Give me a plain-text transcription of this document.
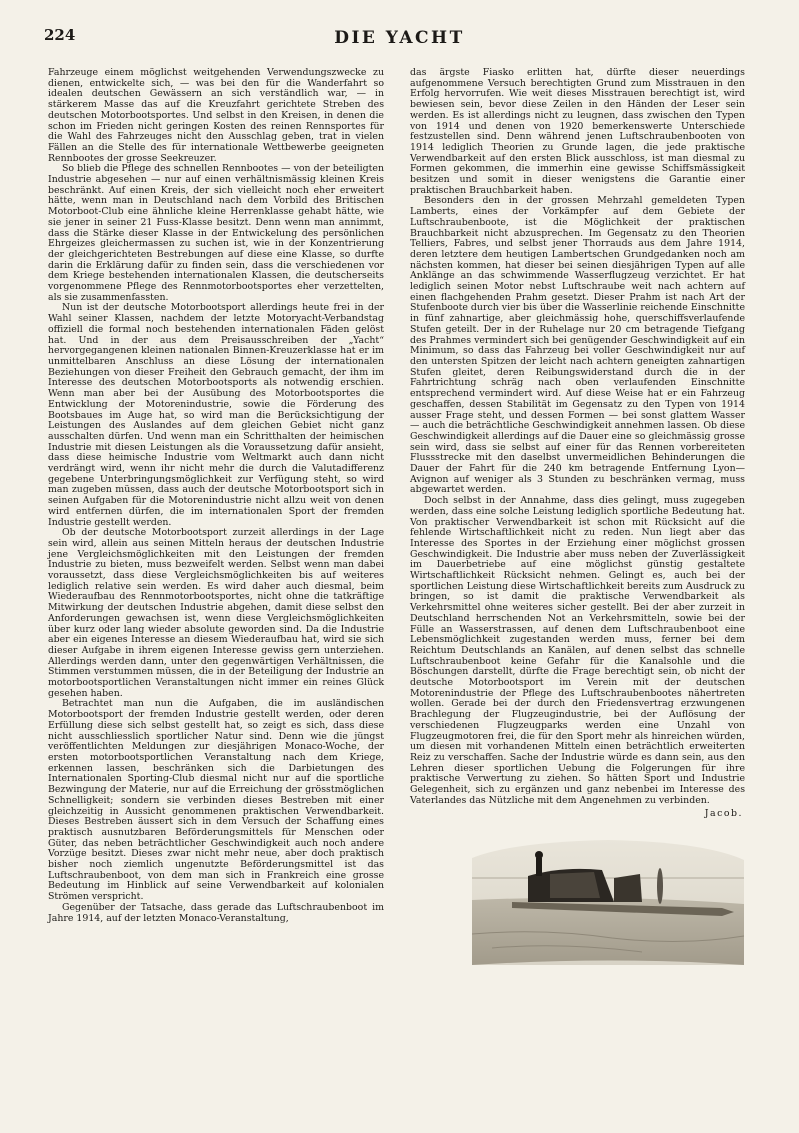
224	DIE YACHT

Fahrzeuge einem möglichst weitgehenden Verwendungszwecke zu dienen, entwickelte sich, — was bei den für die Wanderfahrt so idealen deutschen Gewässern an sich verständlich war, — in stärkerem Masse das auf die Kreuzfahrt gerichtete Streben des deutschen Motorbootsportes. Und selbst in den Kreisen, in denen die schon im Frieden nicht geringen Kosten des reinen Rennsportes für die Wahl des Fahrzeuges nicht den Ausschlag geben, trat in vielen Fällen an die Stelle des für internationale Wettbewerbe geeigneten Rennbootes der grosse Seekreuzer.

So blieb die Pflege des schnellen Rennbootes — von der beteiligten Industrie abgesehen — nur auf einen verhältnismässig kleinen Kreis beschränkt. Auf einen Kreis, der sich vielleicht noch eher erweitert hätte, wenn man in Deutschland nach dem Vorbild des Britischen Motorboot-Club eine ähnliche kleine Herrenklasse gehabt hätte, wie sie jener in seiner 21 Fuss-Klasse besitzt. Denn wenn man annimmt, dass die Stärke dieser Klasse in der Entwickelung des persönlichen Ehrgeizes gleichermassen zu suchen ist, wie in der Konzentrierung der gleichgerichteten Bestrebungen auf diese eine Klasse, so durfte darin die Erklärung dafür zu finden sein, dass die verschiedenen vor dem Kriege bestehenden internationalen Klassen, die deutscherseits vorgenommene Pflege des Rennmotorbootsportes eher verzettelten, als sie zusammenfassten.

Nun ist der deutsche Motorbootsport allerdings heute frei in der Wahl seiner Klassen, nachdem der letzte Motoryacht-Verbandstag offiziell die formal noch bestehenden internationalen Fäden gelöst hat. Und in der aus dem Preisausschreiben der „Yacht“ hervorgegangenen kleinen nationalen Binnen-Kreuzerklasse hat er im unmittelbaren Anschluss an diese Lösung der internationalen Beziehungen von dieser Freiheit den Gebrauch gemacht, der ihm im Interesse des deutschen Motorbootsports als notwendig erschien. Wenn man aber bei der Ausübung des Motorbootsportes die Entwicklung der Motorenindustrie, sowie die Förderung des Bootsbaues im Auge hat, so wird man die Berücksichtigung der Leistungen des Auslandes auf dem gleichen Gebiet nicht ganz ausschalten dürfen. Und wenn man ein Schritthalten der heimischen Industrie mit diesen Leistungen als die Voraussetzung dafür ansieht, dass diese heimische Industrie vom Weltmarkt auch dann nicht verdrängt wird, wenn ihr nicht mehr die durch die Valutadifferenz gegebene Unterbringungsmöglichkeit zur Verfügung steht, so wird man zugeben müssen, dass auch der deutsche Motorbootsport sich in seinen Aufgaben für die Motorenindustrie nicht allzu weit von denen wird entfernen dürfen, die im internationalen Sport der fremden Industrie gestellt werden.

Ob der deutsche Motorbootsport zurzeit allerdings in der Lage sein wird, allein aus seinen Mitteln heraus der deutschen Industrie jene Vergleichsmöglichkeiten mit den Leistungen der fremden Industrie zu bieten, muss bezweifelt werden. Selbst wenn man dabei voraussetzt, dass diese Vergleichsmöglichkeiten bis auf weiteres lediglich relative sein werden. Es wird daher auch diesmal, beim Wiederaufbau des Rennmotorbootsportes, nicht ohne die tatkräftige Mitwirkung der deutschen Industrie abgehen, damit diese selbst den Anforderungen gewachsen ist, wenn diese Vergleichsmöglichkeiten über kurz oder lang wieder absolute geworden sind. Da die Industrie aber ein eigenes Interesse an diesem Wiederaufbau hat, wird sie sich dieser Aufgabe in ihrem eigenen Interesse gewiss gern unterziehen. Allerdings werden dann, unter den gegenwärtigen Verhältnissen, die Stimmen verstummen müssen, die in der Beteiligung der Industrie an motorbootsportlichen Veranstaltungen nicht immer ein reines Glück gesehen haben.

Betrachtet man nun die Aufgaben, die im ausländischen Motorbootsport der fremden Industrie gestellt werden, oder deren Erfüllung diese sich selbst gestellt hat, so zeigt es sich, dass diese nicht ausschliesslich sportlicher Natur sind. Denn wie die jüngst veröffentlichten Meldungen zur diesjährigen Monaco-Woche, der ersten motorbootsportlichen Veranstaltung nach dem Kriege, erkennen lassen, beschränken sich die Darbietungen des Internationalen Sporting-Club diesmal nicht nur auf die sportliche Bezwingung der Materie, nur auf die Erreichung der grösstmöglichen Schnelligkeit; sondern sie verbinden dieses Bestreben mit einer gleichzeitig in Aussicht genommenen praktischen Verwendbarkeit. Dieses Bestreben äussert sich in dem Versuch der Schaffung eines praktisch ausnutzbaren Beförderungsmittels für Menschen oder Güter, das neben beträchtlicher Geschwindigkeit auch noch andere Vorzüge besitzt. Dieses zwar nicht mehr neue, aber doch praktisch bisher noch ziemlich ungenutzte Beförderungsmittel ist das Luftschraubenboot, von dem man sich in Frankreich eine grosse Bedeutung im Hinblick auf seine Verwendbarkeit auf kolonialen Strömen verspricht.

Gegenüber der Tatsache, dass gerade das Luftschraubenboot im Jahre 1914, auf der letzten Monaco-Veranstaltung,

das ärgste Fiasko erlitten hat, dürfte dieser neuerdings aufgenommene Versuch berechtigten Grund zum Misstrauen in den Erfolg hervorrufen. Wie weit dieses Misstrauen berechtigt ist, wird bewiesen sein, bevor diese Zeilen in den Händen der Leser sein werden. Es ist allerdings nicht zu leugnen, dass zwischen den Typen von 1914 und denen von 1920 bemerkenswerte Unterschiede festzustellen sind. Denn während jenen Luftschraubenbooten von 1914 lediglich Theorien zu Grunde lagen, die jede praktische Verwendbarkeit auf den ersten Blick ausschloss, ist man diesmal zu Formen gekommen, die immerhin eine gewisse Schiffsmässigkeit besitzen und somit in dieser wenigstens die Garantie einer praktischen Brauchbarkeit haben.

Besonders den in der grossen Mehrzahl gemeldeten Typen Lamberts, eines der Vorkämpfer auf dem Gebiete der Luftschraubenboote, ist die Möglichkeit der praktischen Brauchbarkeit nicht abzusprechen. Im Gegensatz zu den Theorien Telliers, Fabres, und selbst jener Thorrauds aus dem Jahre 1914, deren letztere dem heutigen Lambertschen Grundgedanken noch am nächsten kommen, hat dieser bei seinen diesjährigen Typen auf alle Anklänge an das schwimmende Wasserflugzeug verzichtet. Er hat lediglich seinen Motor nebst Luftschraube weit nach achtern auf einen flachgehenden Prahm gesetzt. Dieser Prahm ist nach Art der Stufenboote durch vier bis über die Wasserlinie reichende Einschnitte in fünf zahnartige, aber gleichmässig hohe, querschiffsverlaufende Stufen geteilt. Der in der Ruhelage nur 20 cm betragende Tiefgang des Prahmes vermindert sich bei genügender Geschwindigkeit auf ein Minimum, so dass das Fahrzeug bei voller Geschwindigkeit nur auf den untersten Spitzen der leicht nach achtern geneigten zahnartigen Stufen gleitet, deren Reibungswiderstand durch die in der Fahrtrichtung schräg nach oben verlaufenden Einschnitte entsprechend vermindert wird. Auf diese Weise hat er ein Fahrzeug geschaffen, dessen Stabilität im Gegensatz zu den Typen von 1914 ausser Frage steht, und dessen Formen — bei sonst glattem Wasser — auch die beträchtliche Geschwindigkeit annehmen lassen. Ob diese Geschwindigkeit allerdings auf die Dauer eine so gleichmässig grosse sein wird, dass sie selbst auf einer für das Rennen vorbereiteten Flussstrecke mit den daselbst unvermeidlichen Behinderungen die Dauer der Fahrt für die 240 km betragende Entfernung Lyon—Avignon auf weniger als 3 Stunden zu beschränken vermag, muss abgewartet werden.

Doch selbst in der Annahme, dass dies gelingt, muss zugegeben werden, dass eine solche Leistung lediglich sportliche Bedeutung hat. Von praktischer Verwendbarkeit ist schon mit Rücksicht auf die fehlende Wirtschaftlichkeit nicht zu reden. Nun liegt aber das Interesse des Sportes in der Erziehung einer möglichst grossen Geschwindigkeit. Die Industrie aber muss neben der Zuverlässigkeit im Dauerbetriebe auf eine möglichst günstig gestaltete Wirtschaftlichkeit Rücksicht nehmen. Gelingt es, auch bei der sportlichen Leistung diese Wirtschaftlichkeit bereits zum Ausdruck zu bringen, so ist damit die praktische Verwendbarkeit als Verkehrsmittel ohne weiteres sicher gestellt. Bei der aber zurzeit in Deutschland herrschenden Not an Verkehrsmitteln, sowie bei der Fülle an Wasserstrassen, auf denen dem Luftschraubenboot eine Lebensmöglichkeit zugestanden werden muss, ferner bei dem Reichtum Deutschlands an Kanälen, auf denen selbst das schnelle Luftschraubenboot keine Gefahr für die Kanalsohle und die Böschungen darstellt, dürfte die Frage berechtigt sein, ob nicht der deutsche Motorbootsport im Verein mit der deutschen Motorenindustrie der Pflege des Luftschraubenbootes nähertreten wollen. Gerade bei der durch den Friedensvertrag erzwungenen Brachlegung der Flugzeugindustrie, bei der Auflösung der verschiedenen Flugzeugparks werden eine Unzahl von Flugzeugmotoren frei, die für den Sport mehr als hinreichen würden, um diesen mit vorhandenen Mitteln einen beträchtlich erweiterten Reiz zu verschaffen. Sache der Industrie würde es dann sein, aus den Lehren dieser sportlichen Uebung die Folgerungen für ihre praktische Verwertung zu ziehen. So hätten Sport und Industrie Gelegenheit, sich zu ergänzen und ganz nebenbei im Interesse des Vaterlandes das Nützliche mit dem Angenehmen zu verbinden.

Jacob.
